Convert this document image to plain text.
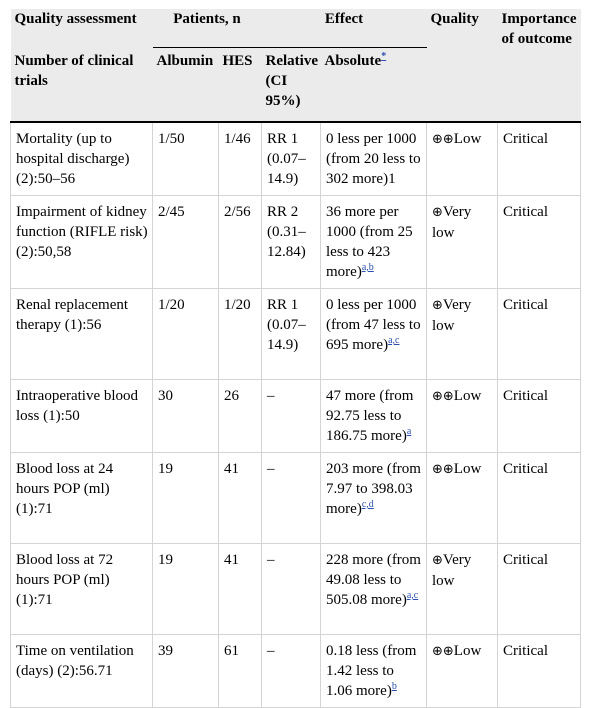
Quality assessment	Patients, n		Effect		Quality	Importance of outcome
Number of clinical trials	Albumin	HES	Relative (CI 95%)	Absolute*
Mortality (up to hospital discharge) (2):50–56	1/50	1/46	RR 1 (0.07–14.9)	0 less per 1000 (from 20 less to 302 more)1	⊕⊕Low	Critical
Impairment of kidney function (RIFLE risk) (2):50,58	2/45	2/56	RR 2 (0.31–12.84)	36 more per 1000 (from 25 less to 423 more)$^{a,b}$	⊕Very low	Critical
Renal replacement therapy (1):56	1/20	1/20	RR 1 (0.07–14.9)	0 less per 1000 (from 47 less to 695 more)$^{a,c}$	⊕Very low	Critical
Intraoperative blood loss (1):50	30	26	–	47 more (from 92.75 less to 186.75 more)$^a$	⊕⊕Low	Critical
Blood loss at 24 hours POP (ml) (1):71	19	41	–	203 more (from 7.97 to 398.03 more)$^{c,d}$	⊕⊕Low	Critical
Blood loss at 72 hours POP (ml) (1):71	19	41	–	228 more (from 49.08 less to 505.08 more)$^{a,c}$	⊕Very low	Critical
Time on ventilation (days) (2):56.71	39	61	–	0.18 less (from 1.42 less to 1.06 more)$^b$	⊕⊕Low	Critical
